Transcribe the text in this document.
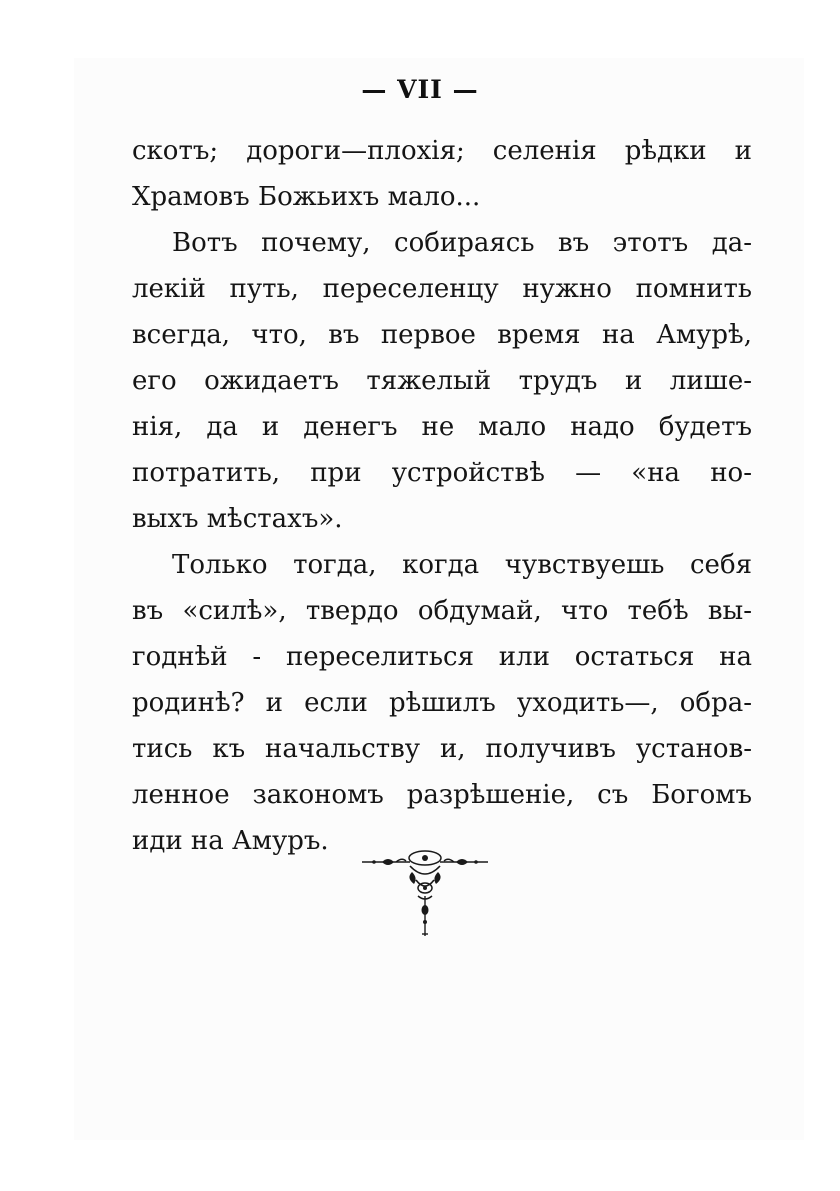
— VII —
скотъ; дороги—плохія; селенія рѣдки и
Храмовъ Божьихъ мало...
Вотъ почему, собираясь въ этотъ да-
лекій путь, переселенцу нужно помнить
всегда, что, въ первое время на Амурѣ,
его ожидаетъ тяжелый трудъ и лише-
нія, да и денегъ не мало надо будетъ
потратить, при устройствѣ — «на но-
выхъ мѣстахъ».
Только тогда, когда чувствуешь себя
въ «силѣ», твердо обдумай, что тебѣ вы-
годнѣй - переселиться или остаться на
родинѣ? и если рѣшилъ уходить—, обра-
тись къ начальству и, получивъ установ-
ленное закономъ разрѣшеніе, съ Богомъ
иди на Амуръ.
